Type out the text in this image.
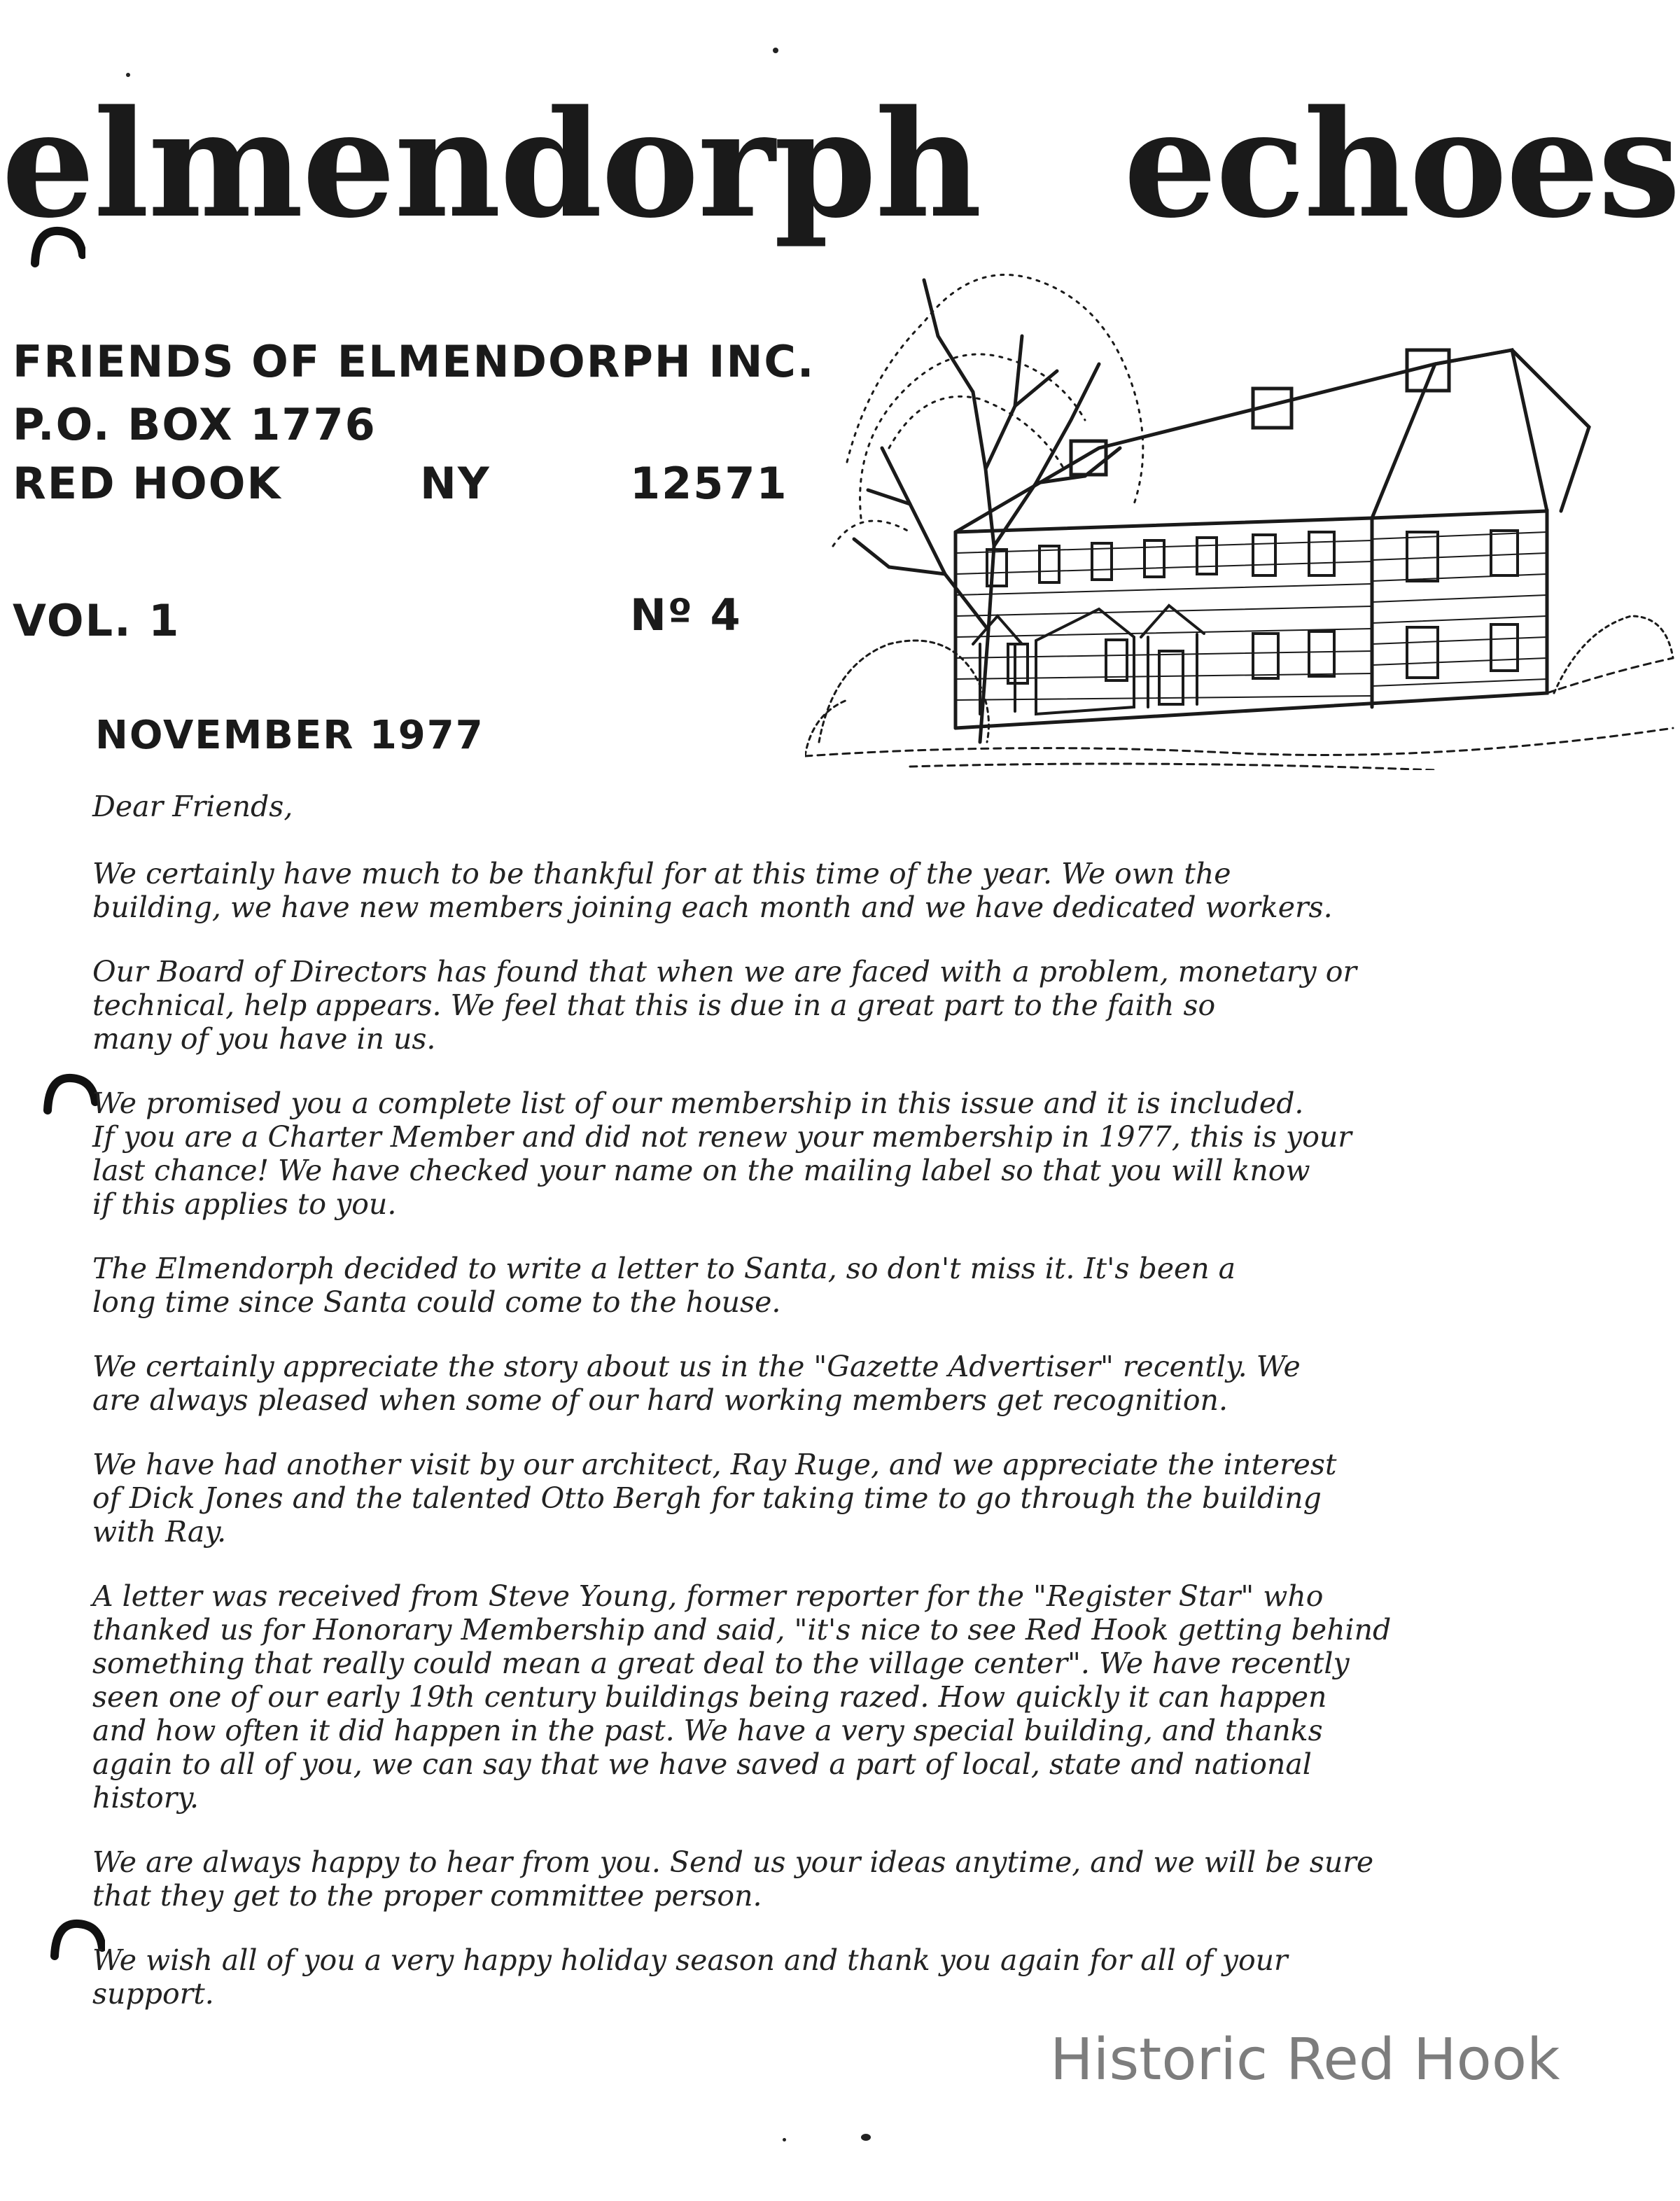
elmendorph echoes
FRIENDS OF ELMENDORPH INC.
P.O. BOX 1776
RED HOOK	NY	12571
VOL. 1	Nº 4
NOVEMBER 1977

Dear Friends,

We certainly have much to be thankful for at this time of the year. We own the
building, we have new members joining each month and we have dedicated workers.

Our Board of Directors has found that when we are faced with a problem, monetary or
technical, help appears. We feel that this is due in a great part to the faith so
many of you have in us.

We promised you a complete list of our membership in this issue and it is included.
If you are a Charter Member and did not renew your membership in 1977, this is your
last chance! We have checked your name on the mailing label so that you will know
if this applies to you.

The Elmendorph decided to write a letter to Santa, so don't miss it. It's been a
long time since Santa could come to the house.

We certainly appreciate the story about us in the "Gazette Advertiser" recently. We
are always pleased when some of our hard working members get recognition.

We have had another visit by our architect, Ray Ruge, and we appreciate the interest
of Dick Jones and the talented Otto Bergh for taking time to go through the building
with Ray.

A letter was received from Steve Young, former reporter for the "Register Star" who
thanked us for Honorary Membership and said, "it's nice to see Red Hook getting behind
something that really could mean a great deal to the village center". We have recently
seen one of our early 19th century buildings being razed. How quickly it can happen
and how often it did happen in the past. We have a very special building, and thanks
again to all of you, we can say that we have saved a part of local, state and national
history.

We are always happy to hear from you. Send us your ideas anytime, and we will be sure
that they get to the proper committee person.

We wish all of you a very happy holiday season and thank you again for all of your
support.

Historic Red Hook
